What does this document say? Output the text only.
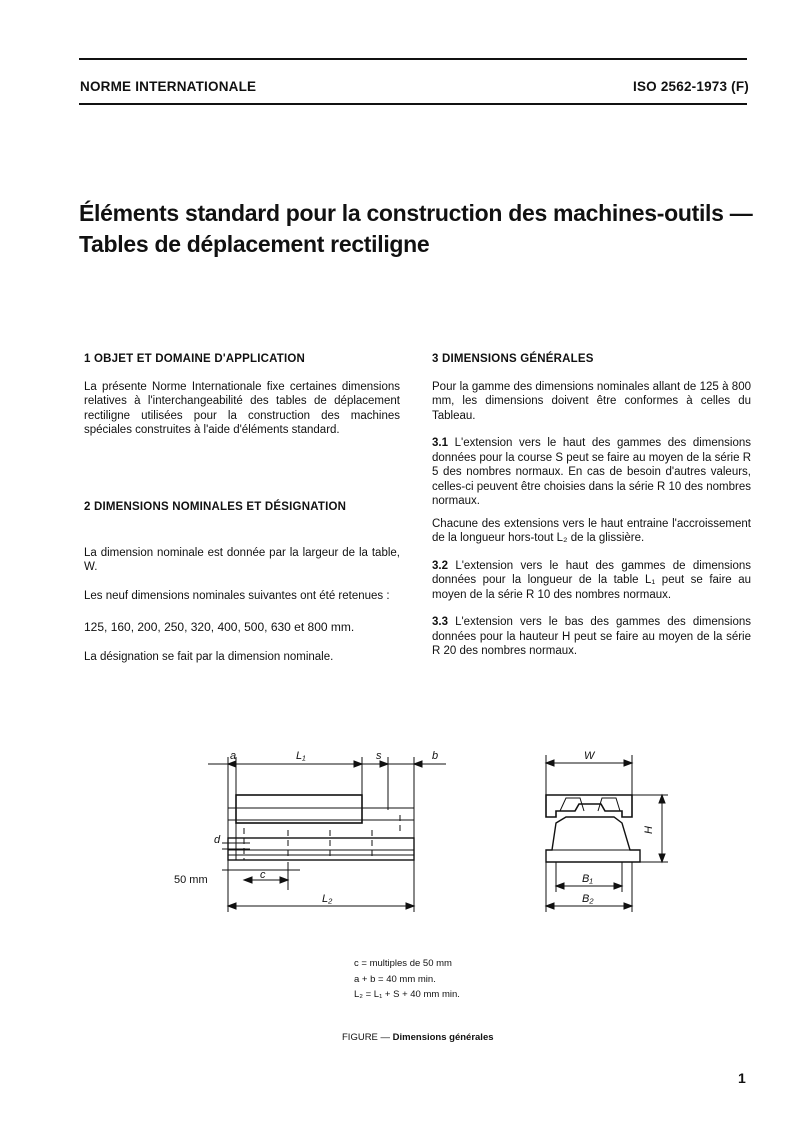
NORME INTERNATIONALE	ISO 2562-1973 (F)
Éléments standard pour la construction des machines-outils —
Tables de déplacement rectiligne
1 OBJET ET DOMAINE D'APPLICATION

La présente Norme Internationale fixe certaines dimensions relatives à l'interchangeabilité des tables de déplacement rectiligne utilisées pour la construction des machines spéciales construites à l'aide d'éléments standard.

2 DIMENSIONS NOMINALES ET DÉSIGNATION

La dimension nominale est donnée par la largeur de la table, W.

Les neuf dimensions nominales suivantes ont été retenues :

125, 160, 200, 250, 320, 400, 500, 630 et 800 mm.

La désignation se fait par la dimension nominale.

3 DIMENSIONS GÉNÉRALES

Pour la gamme des dimensions nominales allant de 125 à 800 mm, les dimensions doivent être conformes à celles du Tableau.

3.1 L'extension vers le haut des gammes des dimensions données pour la course S peut se faire au moyen de la série R 5 des nombres normaux. En cas de besoin d'autres valeurs, celles-ci peuvent être choisies dans la série R 10 des nombres normaux.

Chacune des extensions vers le haut entraine l'accroissement de la longueur hors-tout L₂ de la glissière.

3.2 L'extension vers le haut des gammes de dimensions données pour la longueur de la table L₁ peut se faire au moyen de la série R 10 des nombres normaux.

3.3 L'extension vers le bas des gammes des dimensions données pour la hauteur H peut se faire au moyen de la série R 20 des nombres normaux.

a	L₁	s	b
d
50 mm	c
L₂
W
H
B₁
B₂
c = multiples de 50 mm
a + b = 40 mm min.
L₂ = L₁ + S + 40 mm min.
FIGURE — Dimensions générales
1
